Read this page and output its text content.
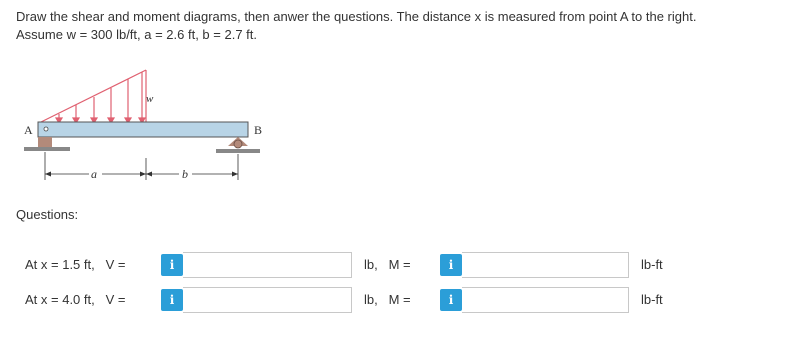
Draw the shear and moment diagrams, then anwer the questions. The distance x is measured from point A to the right.
Assume w = 300 lb/ft, a = 2.6 ft, b = 2.7 ft.
w
A	B
a	b
Questions:
At x = 1.5 ft,   V =	i	lb,   M =	i	lb-ft
At x = 4.0 ft,   V =	i	lb,   M =	i	lb-ft
